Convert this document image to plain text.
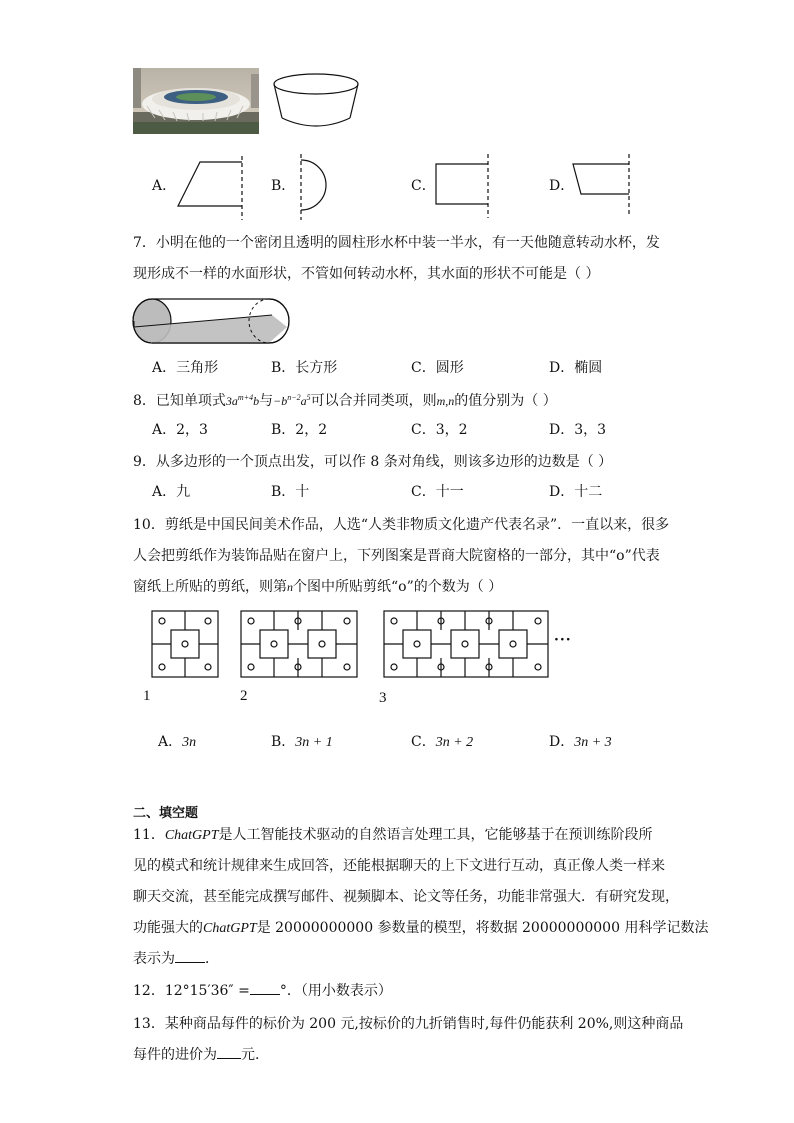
A．	B．	C．	D．
7．小明在他的一个密闭且透明的圆柱形水杯中装一半水，有一天他随意转动水杯，发
现形成不一样的水面形状，不管如何转动水杯，其水面的形状不可能是（ ）
A．三角形	B．长方形	C．圆形	D．椭圆
8．已知单项式$3a^{m+4}b$与$-b^{n-2}a^5$可以合并同类项，则m,n的值分别为（ ）
A．2，3	B．2，2	C．3，2	D．3，3
9．从多边形的一个顶点出发，可以作 8 条对角线，则该多边形的边数是（ ）
A．九	B．十	C．十一	D．十二
10．剪纸是中国民间美术作品，人选“人类非物质文化遗产代表名录”．一直以来，很多
人会把剪纸作为装饰品贴在窗户上，下列图案是晋商大院窗格的一部分，其中“o”代表
窗纸上所贴的剪纸，则第n个图中所贴剪纸“o”的个数为（ ）
1	2	3
···
A．3n	B．3n + 1	C．3n + 2	D．3n + 3
二、填空题
11．ChatGPT是人工智能技术驱动的自然语言处理工具，它能够基于在预训练阶段所
见的模式和统计规律来生成回答，还能根据聊天的上下文进行互动，真正像人类一样来
聊天交流，甚至能完成撰写邮件、视频脚本、论文等任务，功能非常强大．有研究发现，
功能强大的ChatGPT是 20000000000 参数量的模型，将数据 20000000000 用科学记数法
表示为 ．
12．12°15′36″ = °．（用小数表示）
13．某种商品每件的标价为 200 元,按标价的九折销售时,每件仍能获利 20%,则这种商品
每件的进价为 元.
